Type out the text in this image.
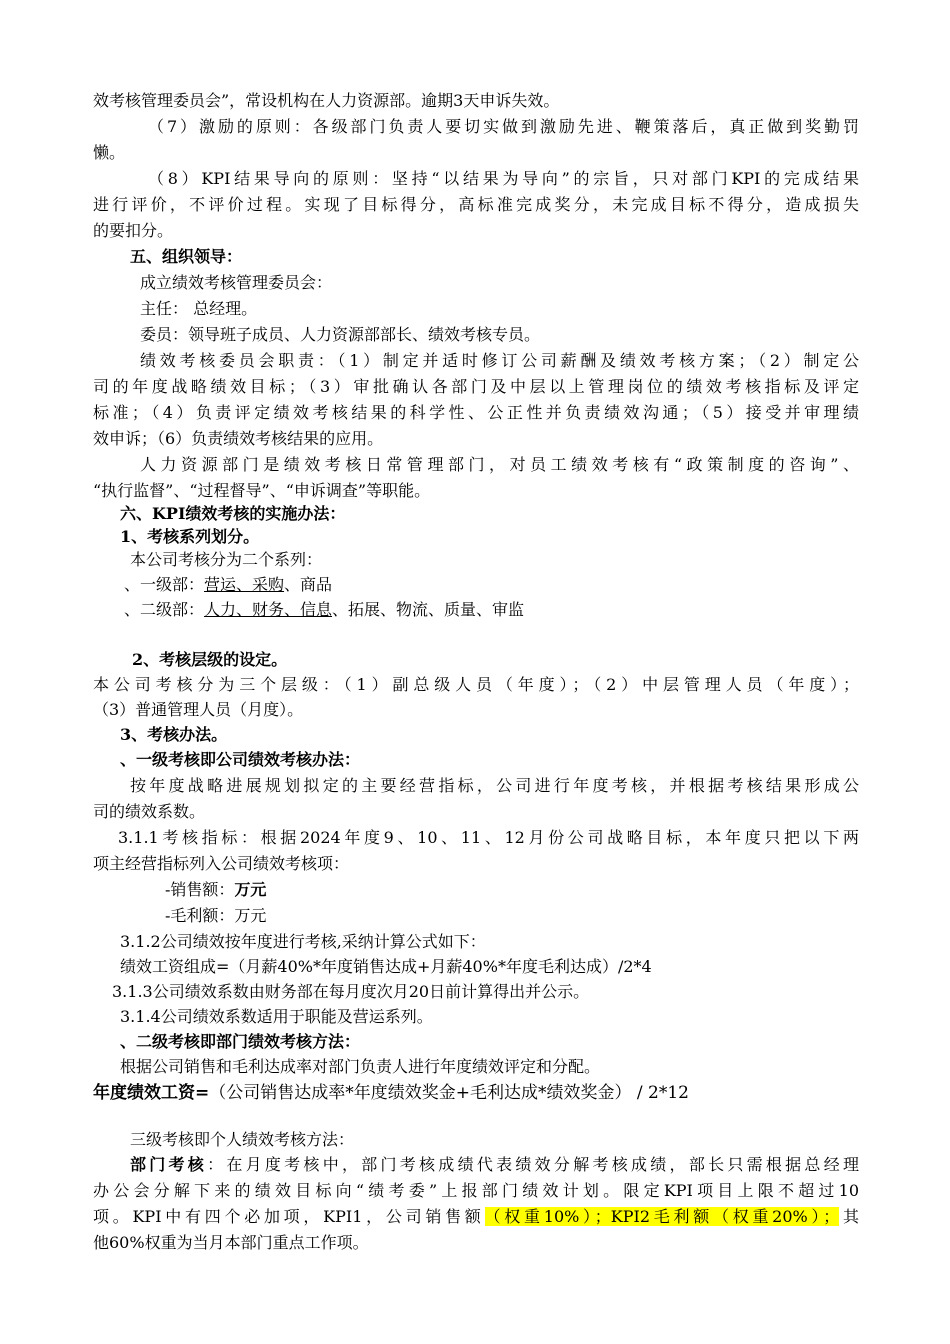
效考核管理委员会”，常设机构在人力资源部。逾期3天申诉失效。
（7）激励的原则：各级部门负责人要切实做到激励先进、鞭策落后，真正做到奖勤罚
懒。
（8）KPI结果导向的原则：坚持“以结果为导向”的宗旨，只对部门KPI的完成结果
进行评价，不评价过程。实现了目标得分，高标准完成奖分，未完成目标不得分，造成损失
的要扣分。
五、组织领导：
成立绩效考核管理委员会：
主任： 总经理。
委员：领导班子成员、人力资源部部长、绩效考核专员。
绩效考核委员会职责：（1）制定并适时修订公司薪酬及绩效考核方案；（2）制定公
司的年度战略绩效目标；（3）审批确认各部门及中层以上管理岗位的绩效考核指标及评定
标准；（4）负责评定绩效考核结果的科学性、公正性并负责绩效沟通；（5）接受并审理绩
效申诉；（6）负责绩效考核结果的应用。
人力资源部门是绩效考核日常管理部门，对员工绩效考核有“政策制度的咨询”、
“执行监督”、“过程督导”、“申诉调查”等职能。
六、KPI绩效考核的实施办法：
1、考核系列划分。
本公司考核分为二个系列：
、一级部：营运、采购、商品
、二级部：人力、财务、信息、拓展、物流、质量、审监
2、考核层级的设定。
本公司考核分为三个层级：（1）副总级人员（年度）；（2）中层管理人员（年度）；
（3）普通管理人员（月度）。
3、考核办法。
、一级考核即公司绩效考核办法：
按年度战略进展规划拟定的主要经营指标，公司进行年度考核，并根据考核结果形成公
司的绩效系数。
3.1.1考核指标：根据2024年度9、10、11、12月份公司战略目标，本年度只把以下两
项主经营指标列入公司绩效考核项：
-销售额：万元
-毛利额：万元
3.1.2公司绩效按年度进行考核,采纳计算公式如下：
绩效工资组成=（月薪40%*年度销售达成+月薪40%*年度毛利达成）/2*4
3.1.3公司绩效系数由财务部在每月度次月20日前计算得出并公示。
3.1.4公司绩效系数适用于职能及营运系列。
、二级考核即部门绩效考核方法：
根据公司销售和毛利达成率对部门负责人进行年度绩效评定和分配。
年度绩效工资=（公司销售达成率*年度绩效奖金+毛利达成*绩效奖金） / 2*12
三级考核即个人绩效考核方法：
部门考核：在月度考核中，部门考核成绩代表绩效分解考核成绩，部长只需根据总经理
办公会分解下来的绩效目标向“绩考委”上报部门绩效计划。限定KPI项目上限不超过10
项。KPI中有四个必加项，KPI1，公司销售额（权重10%）；KPI2毛利额（权重20%）；其
他60%权重为当月本部门重点工作项。
